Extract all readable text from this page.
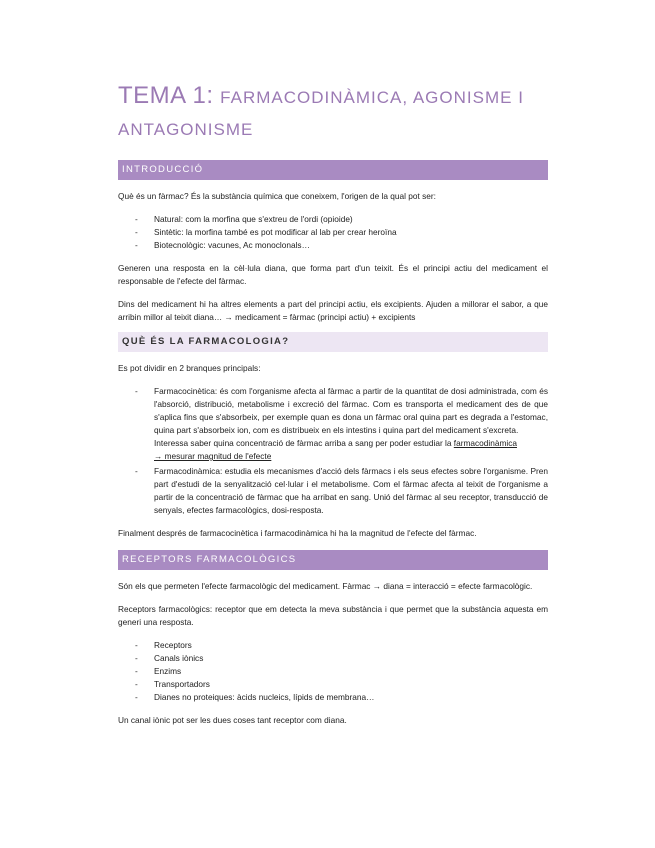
TEMA 1: FARMACODINÀMICA, AGONISME I
ANTAGONISME
INTRODUCCIÓ

Què és un fàrmac? És la substància química que coneixem, l'origen de la qual pot ser:

- Natural: com la morfina que s'extreu de l'ordi (opioide)
- Sintètic: la morfina també es pot modificar al lab per crear heroïna
- Biotecnològic: vacunes, Ac monoclonals…

Generen una resposta en la cèl·lula diana, que forma part d'un teixit. És el principi actiu del medicament el responsable de l'efecte del fàrmac.

Dins del medicament hi ha altres elements a part del principi actiu, els excipients. Ajuden a millorar el sabor, a que arribin millor al teixit diana… → medicament = fàrmac (principi actiu) + excipients

QUÈ ÉS LA FARMACOLOGIA?

Es pot dividir en 2 branques principals:

- Farmacocinètica: és com l'organisme afecta al fàrmac a partir de la quantitat de dosi administrada, com és l'absorció, distribució, metabolisme i excreció del fàrmac. Com es transporta el medicament des de que s'aplica fins que s'absorbeix, per exemple quan es dona un fàrmac oral quina part es degrada a l'estomac, quina part s'absorbeix ion, com es distribueix en els intestins i quina part del medicament s'excreta.
Interessa saber quina concentració de fàrmac arriba a sang per poder estudiar la farmacodinàmica
→ mesurar magnitud de l'efecte
- Farmacodinàmica: estudia els mecanismes d'acció dels fàrmacs i els seus efectes sobre l'organisme. Pren part d'estudi de la senyalització cel·lular i el metabolisme. Com el fàrmac afecta al teixit de l'organisme a partir de la concentració de fàrmac que ha arribat en sang. Unió del fàrmac al seu receptor, transducció de senyals, efectes farmacològics, dosi-resposta.

Finalment després de farmacocinètica i farmacodinàmica hi ha la magnitud de l'efecte del fàrmac.

RECEPTORS FARMACOLÒGICS

Són els que permeten l'efecte farmacològic del medicament. Fàrmac → diana = interacció = efecte farmacològic.

Receptors farmacològics: receptor que em detecta la meva substància i que permet que la substància aquesta em generi una resposta.

- Receptors
- Canals iònics
- Enzims
- Transportadors
- Dianes no proteiques: àcids nucleics, lípids de membrana…

Un canal iònic pot ser les dues coses tant receptor com diana.
